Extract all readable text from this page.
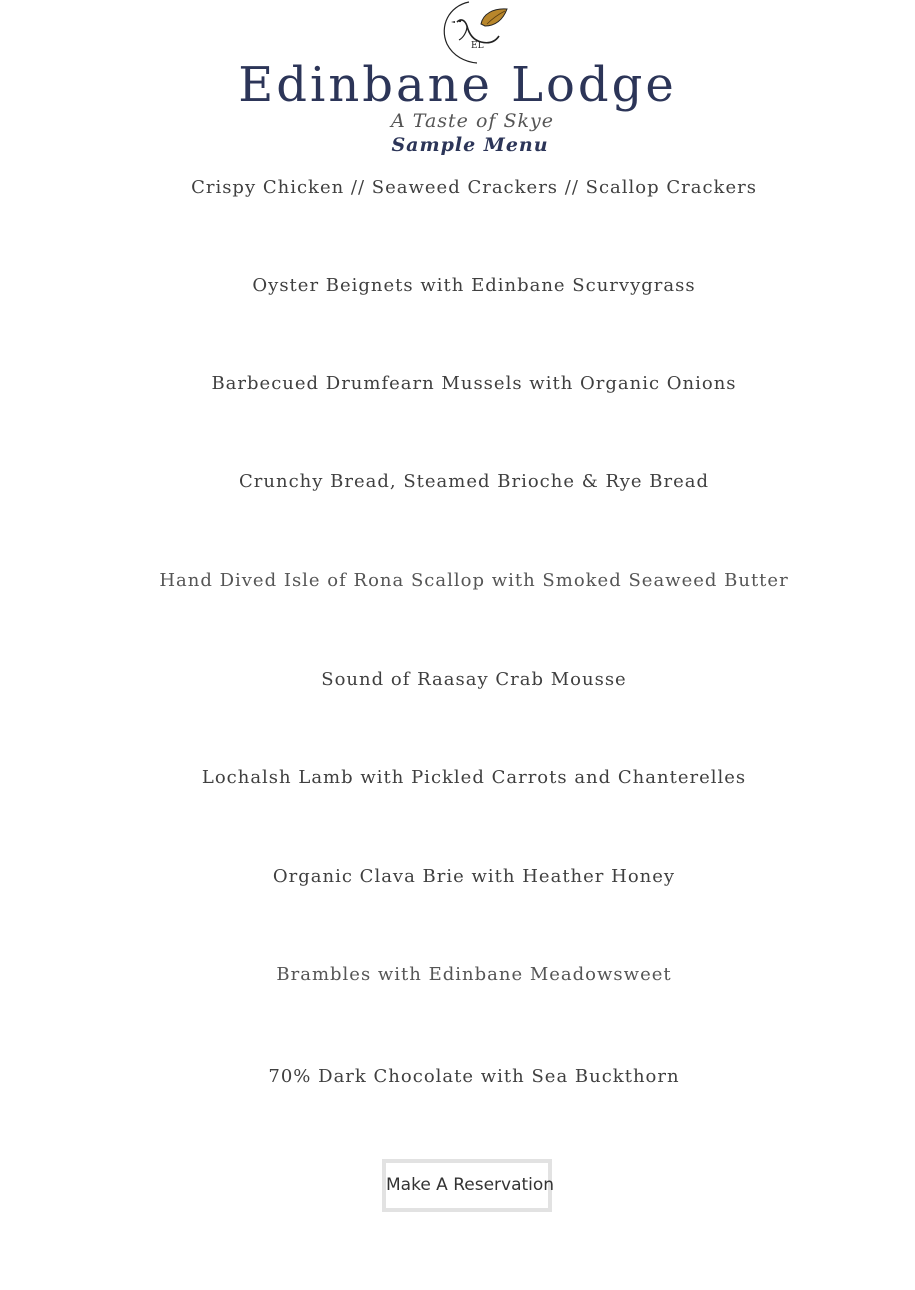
EL
Edinbane Lodge
A Taste of Skye
Sample Menu
Crispy Chicken // Seaweed Crackers // Scallop Crackers
Oyster Beignets with Edinbane Scurvygrass
Barbecued Drumfearn Mussels with Organic Onions
Crunchy Bread, Steamed Brioche & Rye Bread
Hand Dived Isle of Rona Scallop with Smoked Seaweed Butter
Sound of Raasay Crab Mousse
Lochalsh Lamb with Pickled Carrots and Chanterelles
Organic Clava Brie with Heather Honey
Brambles with Edinbane Meadowsweet
70% Dark Chocolate with Sea Buckthorn
Make A Reservation
